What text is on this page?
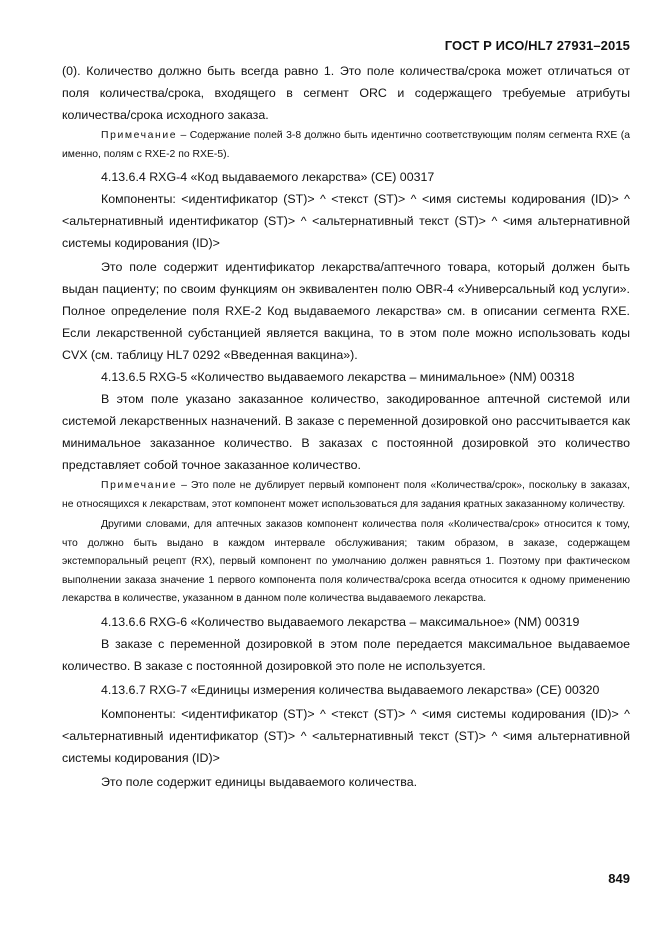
ГОСТ Р ИСО/HL7 27931–2015

(0). Количество должно быть всегда равно 1. Это поле количества/срока может отличаться от поля количества/срока, входящего в сегмент ORC и содержащего требуемые атрибуты количества/срока исходного заказа.

Примечание – Содержание полей 3-8 должно быть идентично соответствующим полям сегмента RXE (а именно, полям с RXE-2 по RXE-5).

4.13.6.4 RXG-4 «Код выдаваемого лекарства» (CE) 00317

Компоненты: <идентификатор (ST)> ^ <текст (ST)> ^ <имя системы кодирования (ID)> ^ <альтернативный идентификатор (ST)> ^ <альтернативный текст (ST)> ^ <имя альтернативной системы кодирования (ID)>

Это поле содержит идентификатор лекарства/аптечного товара, который должен быть выдан пациенту; по своим функциям он эквивалентен полю OBR-4 «Универсальный код услуги». Полное определение поля RXE-2 Код выдаваемого лекарства» см. в описании сегмента RXE. Если лекарственной субстанцией является вакцина, то в этом поле можно использовать коды CVX (см. таблицу HL7 0292 «Введенная вакцина»).

4.13.6.5 RXG-5 «Количество выдаваемого лекарства – минимальное» (NM) 00318

В этом поле указано заказанное количество, закодированное аптечной системой или системой лекарственных назначений. В заказе с переменной дозировкой оно рассчитывается как минимальное заказанное количество. В заказах с постоянной дозировкой это количество представляет собой точное заказанное количество.

Примечание – Это поле не дублирует первый компонент поля «Количества/срок», поскольку в заказах, не относящихся к лекарствам, этот компонент может использоваться для задания кратных заказанному количеству.

Другими словами, для аптечных заказов компонент количества поля «Количества/срок» относится к тому, что должно быть выдано в каждом интервале обслуживания; таким образом, в заказе, содержащем экстемпоральный рецепт (RX), первый компонент по умолчанию должен равняться 1. Поэтому при фактическом выполнении заказа значение 1 первого компонента поля количества/срока всегда относится к одному применению лекарства в количестве, указанном в данном поле количества выдаваемого лекарства.

4.13.6.6 RXG-6 «Количество выдаваемого лекарства – максимальное» (NM) 00319

В заказе с переменной дозировкой в этом поле передается максимальное выдаваемое количество. В заказе с постоянной дозировкой это поле не используется.

4.13.6.7 RXG-7 «Единицы измерения количества выдаваемого лекарства» (CE) 00320

Компоненты: <идентификатор (ST)> ^ <текст (ST)> ^ <имя системы кодирования (ID)> ^ <альтернативный идентификатор (ST)> ^ <альтернативный текст (ST)> ^ <имя альтернативной системы кодирования (ID)>

Это поле содержит единицы выдаваемого количества.

849
